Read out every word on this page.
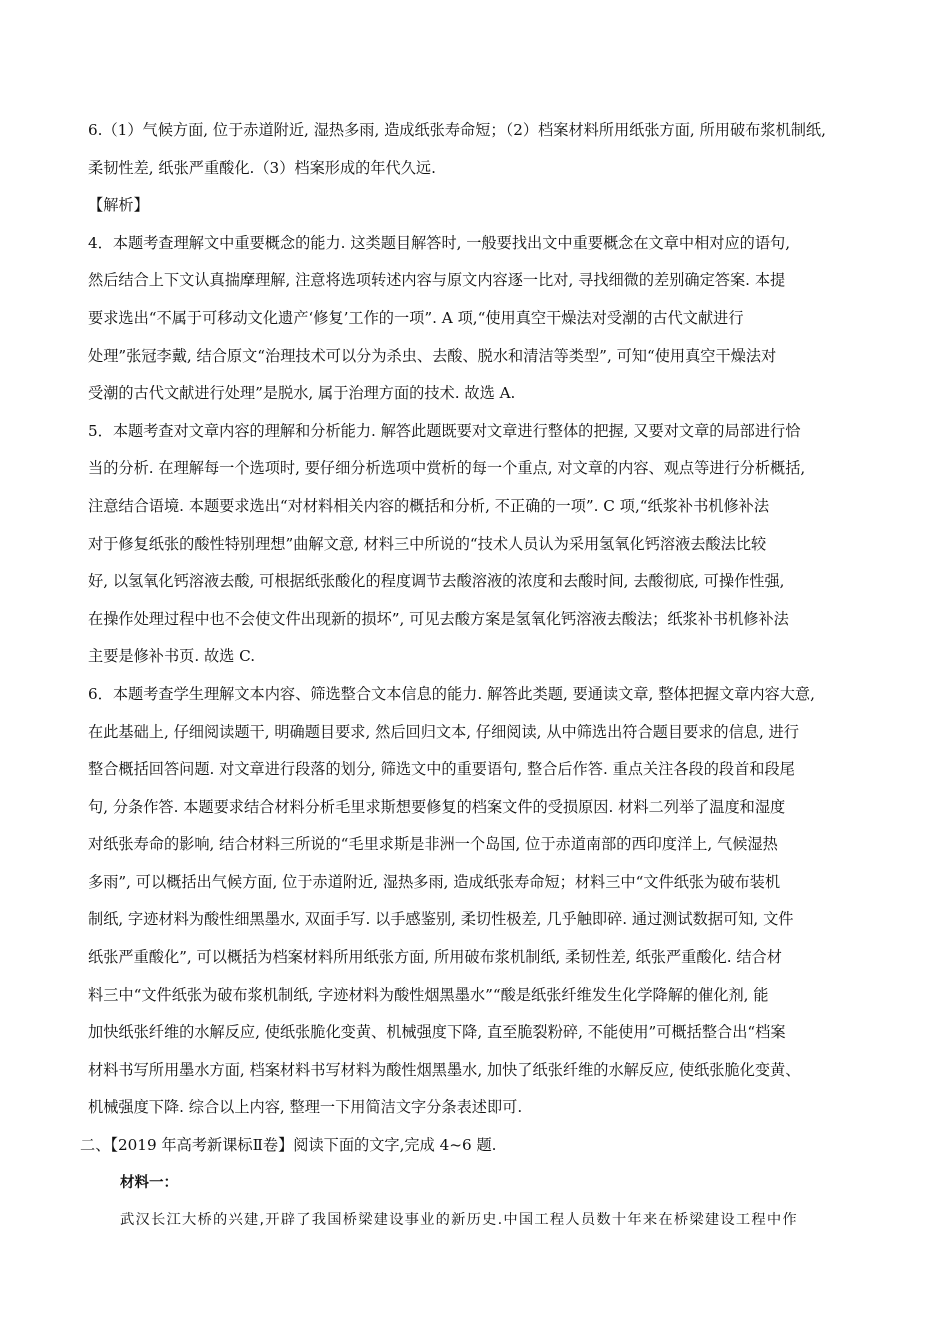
6.（1）气候方面, 位于赤道附近, 湿热多雨, 造成纸张寿命短；（2）档案材料所用纸张方面, 所用破布浆机制纸,
柔韧性差, 纸张严重酸化.（3）档案形成的年代久远.
【解析】
4．本题考查理解文中重要概念的能力. 这类题目解答时, 一般要找出文中重要概念在文章中相对应的语句,
然后结合上下文认真揣摩理解, 注意将选项转述内容与原文内容逐一比对, 寻找细微的差别确定答案. 本提
要求选出“不属于可移动文化遗产‘修复’工作的一项”. A 项,“使用真空干燥法对受潮的古代文献进行
处理”张冠李戴, 结合原文“治理技术可以分为杀虫、去酸、脱水和清洁等类型”, 可知“使用真空干燥法对
受潮的古代文献进行处理”是脱水, 属于治理方面的技术. 故选 A.
5．本题考查对文章内容的理解和分析能力. 解答此题既要对文章进行整体的把握, 又要对文章的局部进行恰
当的分析. 在理解每一个选项时, 要仔细分析选项中赏析的每一个重点, 对文章的内容、观点等进行分析概括,
注意结合语境. 本题要求选出“对材料相关内容的概括和分析, 不正确的一项”. C 项,“纸浆补书机修补法
对于修复纸张的酸性特别理想”曲解文意, 材料三中所说的“技术人员认为采用氢氧化钙溶液去酸法比较
好, 以氢氧化钙溶液去酸, 可根据纸张酸化的程度调节去酸溶液的浓度和去酸时间, 去酸彻底, 可操作性强,
在操作处理过程中也不会使文件出现新的损坏”, 可见去酸方案是氢氧化钙溶液去酸法；纸浆补书机修补法
主要是修补书页. 故选 C.
6．本题考查学生理解文本内容、筛选整合文本信息的能力. 解答此类题, 要通读文章, 整体把握文章内容大意,
在此基础上, 仔细阅读题干, 明确题目要求, 然后回归文本, 仔细阅读, 从中筛选出符合题目要求的信息, 进行
整合概括回答问题. 对文章进行段落的划分, 筛选文中的重要语句, 整合后作答. 重点关注各段的段首和段尾
句, 分条作答. 本题要求结合材料分析毛里求斯想要修复的档案文件的受损原因. 材料二列举了温度和湿度
对纸张寿命的影响, 结合材料三所说的“毛里求斯是非洲一个岛国, 位于赤道南部的西印度洋上, 气候湿热
多雨”, 可以概括出气候方面, 位于赤道附近, 湿热多雨, 造成纸张寿命短；材料三中“文件纸张为破布装机
制纸, 字迹材料为酸性细黑墨水, 双面手写. 以手感鉴别, 柔切性极差, 几乎触即碎. 通过测试数据可知, 文件
纸张严重酸化”, 可以概括为档案材料所用纸张方面, 所用破布浆机制纸, 柔韧性差, 纸张严重酸化. 结合材
料三中“文件纸张为破布浆机制纸, 字迹材料为酸性烟黑墨水”“酸是纸张纤维发生化学降解的催化剂, 能
加快纸张纤维的水解反应, 使纸张脆化变黄、机械强度下降, 直至脆裂粉碎, 不能使用”可概括整合出“档案
材料书写所用墨水方面, 档案材料书写材料为酸性烟黑墨水, 加快了纸张纤维的水解反应, 使纸张脆化变黄、
机械强度下降. 综合以上内容, 整理一下用简洁文字分条表述即可.
二、【2019 年高考新课标Ⅱ卷】阅读下面的文字,完成 4~6 题.
材料一：
武汉长江大桥的兴建,开辟了我国桥梁建设事业的新历史.中国工程人员数十年来在桥梁建设工程中作
